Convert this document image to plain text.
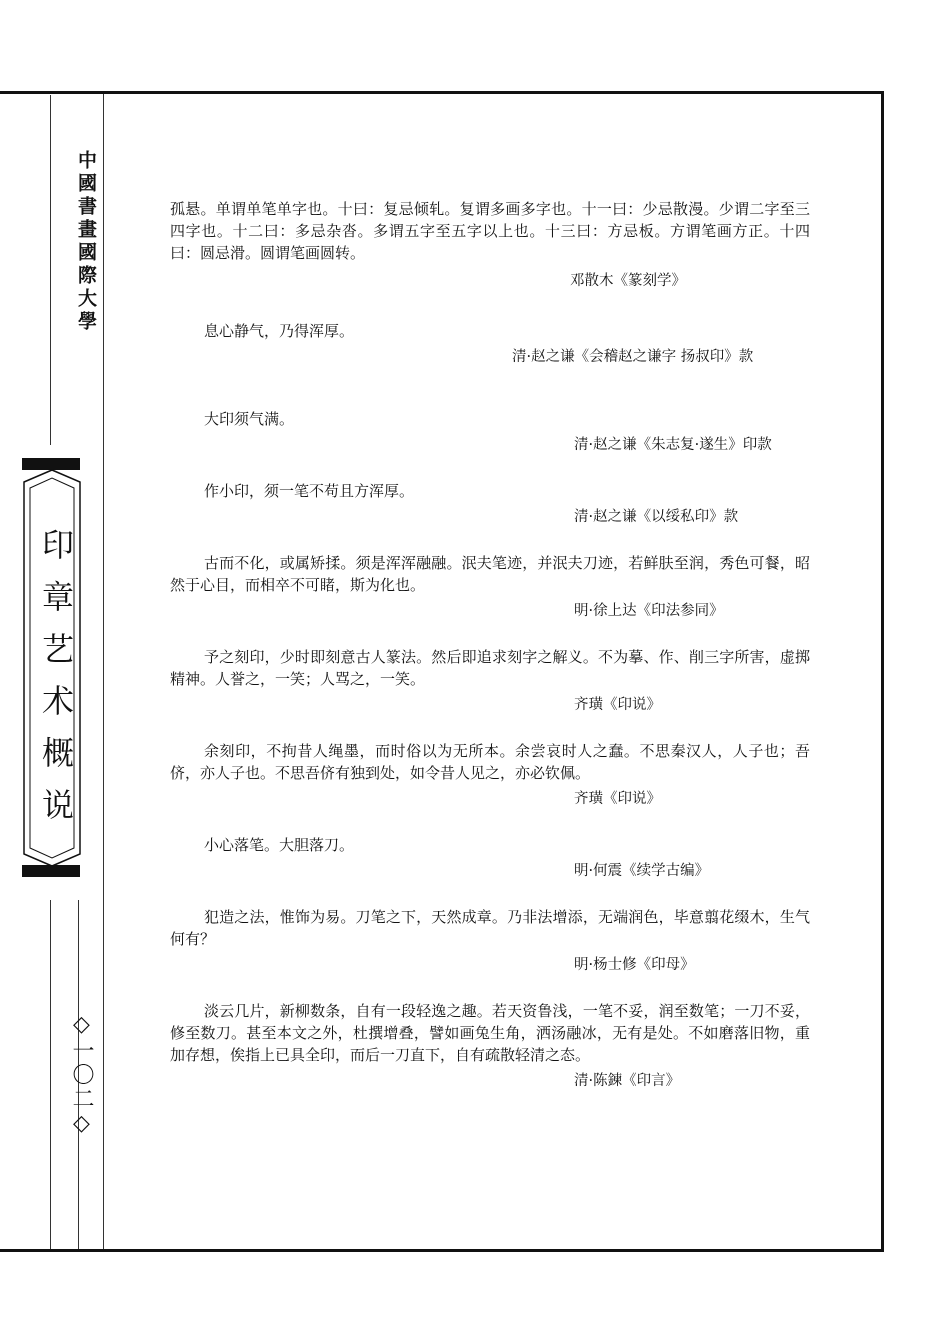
中國書畫國際大學
印章艺术概说
◇一〇二◇
孤悬。单谓单笔单字也。十曰：复忌倾轧。复谓多画多字也。十一曰：少忌散漫。少谓二字至三四字也。十二曰：多忌杂沓。多谓五字至五字以上也。十三曰：方忌板。方谓笔画方正。十四曰：圆忌滑。圆谓笔画圆转。
邓散木《篆刻学》
息心静气，乃得浑厚。
清·赵之谦《会稽赵之谦字 扬叔印》款
大印须气满。
清·赵之谦《朱志复·遂生》印款
作小印，须一笔不苟且方浑厚。
清·赵之谦《以绥私印》款
古而不化，或属矫揉。须是浑浑融融。泯夫笔迹，并泯夫刀迹，若鲜肤至润，秀色可餐，昭然于心目，而相卒不可睹，斯为化也。
明·徐上达《印法参同》
予之刻印，少时即刻意古人篆法。然后即追求刻字之解义。不为摹、作、削三字所害，虚掷精神。人誉之，一笑；人骂之，一笑。
齐璜《印说》
余刻印，不拘昔人绳墨，而时俗以为无所本。余尝哀时人之蠢。不思秦汉人，人子也；吾侪，亦人子也。不思吾侪有独到处，如令昔人见之，亦必钦佩。
齐璜《印说》
小心落笔。大胆落刀。
明·何震《续学古编》
犯造之法，惟饰为易。刀笔之下，天然成章。乃非法增添，无端润色，毕意翦花缀木，生气何有？
明·杨士修《印母》
淡云几片，新柳数条，自有一段轻逸之趣。若天资鲁浅，一笔不妥，润至数笔；一刀不妥，修至数刀。甚至本文之外，杜撰增叠，譬如画兔生角，洒汤融冰，无有是处。不如磨落旧物，重加存想，俟指上已具全印，而后一刀直下，自有疏散轻清之态。
清·陈鍊《印言》
